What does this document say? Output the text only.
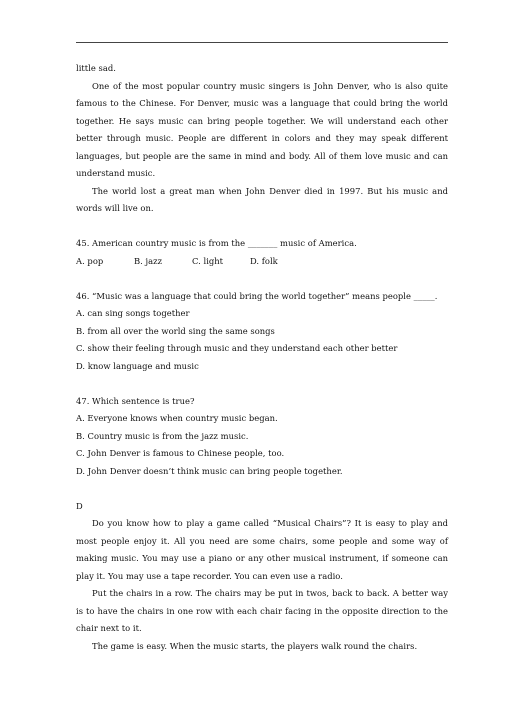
little sad.

One of the most popular country music singers is John Denver, who is also quite famous to the Chinese. For Denver, music was a language that could bring the world together. He says music can bring people together. We will understand each other better through music. People are different in colors and they may speak different languages, but people are the same in mind and body. All of them love music and can understand music.

The world lost a great man when John Denver died in 1997. But his music and words will live on.

45. American country music is from the _______ music of America.

A. pop	B. jazz	C. light	D. folk

46. “Music was a language that could bring the world together” means people _____.

A. can sing songs together

B. from all over the world sing the same songs

C. show their feeling through music and they understand each other better

D. know language and music

47. Which sentence is true?

A. Everyone knows when country music began.

B. Country music is from the jazz music.

C. John Denver is famous to Chinese people, too.

D. John Denver doesn’t think music can bring people together.

D

Do you know how to play a game called “Musical Chairs”? It is easy to play and most people enjoy it. All you need are some chairs, some people and some way of making music. You may use a piano or any other musical instrument, if someone can play it. You may use a tape recorder. You can even use a radio.

Put the chairs in a row. The chairs may be put in twos, back to back. A better way is to have the chairs in one row with each chair facing in the opposite direction to the chair next to it.

The game is easy. When the music starts, the players walk round the chairs.
